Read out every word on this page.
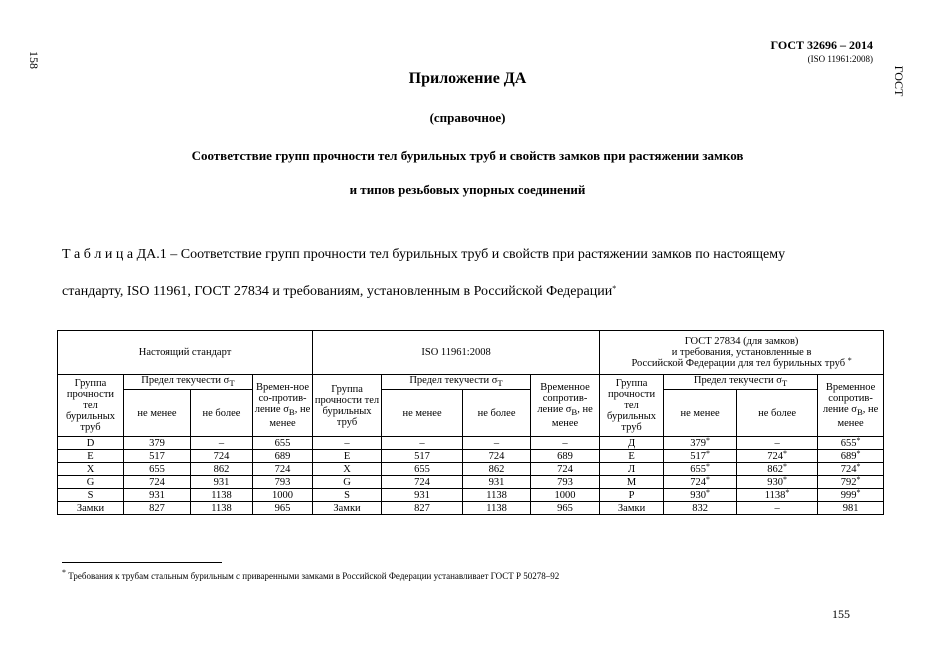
158
ГОСТ
ГОСТ 32696 – 2014
(ISO 11961:2008)
Приложение ДА
(справочное)
Соответствие групп прочности тел бурильных труб и свойств замков при растяжении замков
и типов резьбовых упорных соединений
Т а б л и ц а ДА.1 – Соответствие групп прочности тел бурильных труб и свойств при растяжении замков по настоящему
стандарту, ISO 11961, ГОСТ 27834 и требованиям, установленным в Российской Федерации*
Настоящий стандарт				ISO 11961:2008				ГОСТ 27834 (для замков)
и требования, установленные в
Российской Федерации для тел бурильных труб *

Группа прочности тел бурильных труб	Предел текучести $\sigma_Т$		Времен-ное со-против-ление $\sigma_В$, не менее	Группа прочности тел бурильных труб	Предел текучести $\sigma_Т$		Временное сопротив-ление $\sigma_В$, не менее	Группа прочности тел бурильных труб	Предел текучести $\sigma_Т$		Временное сопротив-ление $\sigma_В$, не менее
	не менее	не более			не менее	не более			не менее	не более	
D	379	–	655	–	–	–	–	Д	379*	–	655*
E	517	724	689	E	517	724	689	Е	517*	724*	689*
X	655	862	724	X	655	862	724	Л	655*	862*	724*
G	724	931	793	G	724	931	793	М	724*	930*	792*
S	931	1138	1000	S	931	1138	1000	Р	930*	1138*	999*
Замки	827	1138	965	Замки	827	1138	965	Замки	832	–	981
* Требования к трубам стальным бурильным с приваренными замками в Российской Федерации устанавливает ГОСТ Р 50278–92
155
